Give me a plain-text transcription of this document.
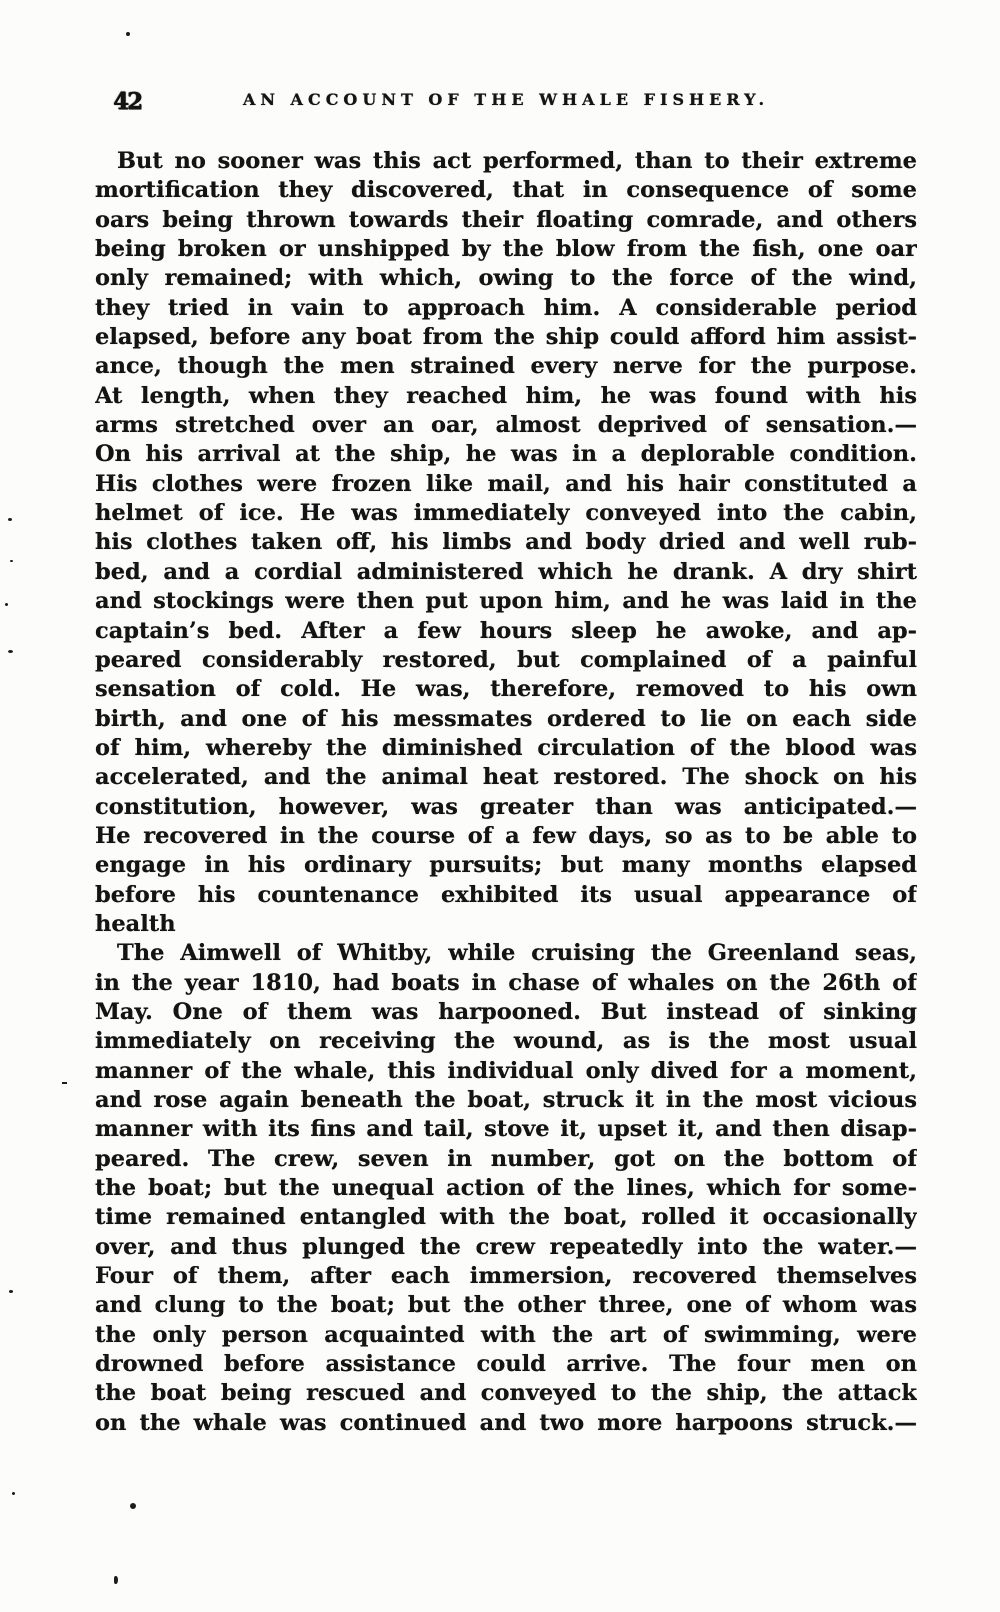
42	AN ACCOUNT OF THE WHALE FISHERY.
But no sooner was this act performed, than to their extreme
mortification they discovered, that in consequence of some
oars being thrown towards their floating comrade, and others
being broken or unshipped by the blow from the fish, one oar
only remained; with which, owing to the force of the wind,
they tried in vain to approach him. A considerable period
elapsed, before any boat from the ship could afford him assist-
ance, though the men strained every nerve for the purpose.
At length, when they reached him, he was found with his
arms stretched over an oar, almost deprived of sensation.—
On his arrival at the ship, he was in a deplorable condition.
His clothes were frozen like mail, and his hair constituted a
helmet of ice. He was immediately conveyed into the cabin,
his clothes taken off, his limbs and body dried and well rub-
bed, and a cordial administered which he drank. A dry shirt
and stockings were then put upon him, and he was laid in the
captain’s bed. After a few hours sleep he awoke, and ap-
peared considerably restored, but complained of a painful
sensation of cold. He was, therefore, removed to his own
birth, and one of his messmates ordered to lie on each side
of him, whereby the diminished circulation of the blood was
accelerated, and the animal heat restored. The shock on his
constitution, however, was greater than was anticipated.—
He recovered in the course of a few days, so as to be able to
engage in his ordinary pursuits; but many months elapsed
before his countenance exhibited its usual appearance of
health
The Aimwell of Whitby, while cruising the Greenland seas,
in the year 1810, had boats in chase of whales on the 26th of
May. One of them was harpooned. But instead of sinking
immediately on receiving the wound, as is the most usual
manner of the whale, this individual only dived for a moment,
and rose again beneath the boat, struck it in the most vicious
manner with its fins and tail, stove it, upset it, and then disap-
peared. The crew, seven in number, got on the bottom of
the boat; but the unequal action of the lines, which for some-
time remained entangled with the boat, rolled it occasionally
over, and thus plunged the crew repeatedly into the water.—
Four of them, after each immersion, recovered themselves
and clung to the boat; but the other three, one of whom was
the only person acquainted with the art of swimming, were
drowned before assistance could arrive. The four men on
the boat being rescued and conveyed to the ship, the attack
on the whale was continued and two more harpoons struck.—
